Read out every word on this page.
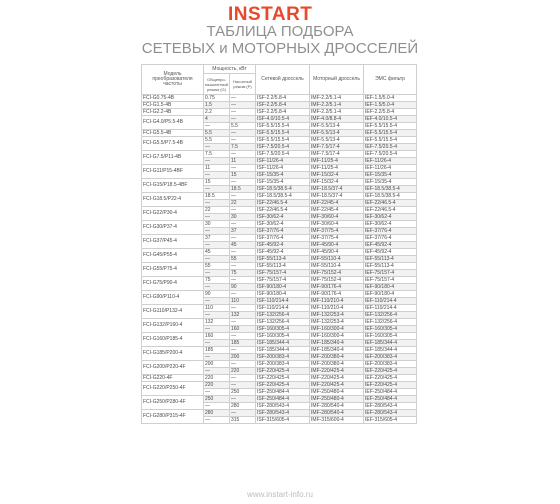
INSTART
ТАБЛИЦА ПОДБОРА
СЕТЕВЫХ и МОТОРНЫХ ДРОССЕЛЕЙ
Модель преобразователя частоты	Мощность, кВт		Сетевой дроссель	Моторный дроссель	ЭМС фильтр
	Общепро-мышленный режим (G)	Насосный режим (P)			
FCI-G0.75-4B	0.75	—	ISF-2.2/5.8-4	IMF-2.2/5.1-4	IEF-1.5/5.0-4
FCI-G1.5-4B	1.5	—	ISF-2.2/5.8-4	IMF-2.2/5.1-4	IEF-1.5/5.0-4
FCI-G2.2-4B	2.2	—	ISF-2.2/5.8-4	IMF-2.2/5.1-4	IEF-2.2/5.8-4
FCI-G4.0/P5.5-4B	4	—	ISF-4.0/10.5-4	IMF-4.0/8.8-4	IEF-4.0/10.5-4
	—	5.5	ISF-5.5/15.5-4	IMF-5.5/13-4	IEF-5.5/15.5-4
FCI-G5.5-4B	5.5	—	ISF-5.5/15.5-4	IMF-5.5/13-4	IEF-5.5/15.5-4
FCI-G5.5/P7.5-4B	5.5	—	ISF-5.5/15.5-4	IMF-5.5/13-4	IEF-5.5/15.5-4
	—	7.5	ISF-7.5/20.5-4	IMF-7.5/17-4	IEF-7.5/20.5-4
FCI-G7.5/P11-4B	7.5	—	ISF-7.5/20.5-4	IMF-7.5/17-4	IEF-7.5/20.5-4
	—	11	ISF-11/26-4	IMF-11/25-4	IEF-11/26-4
FCI-G11/P15-4BF	11	—	ISF-11/26-4	IMF-11/25-4	IEF-11/26-4
	—	15	ISF-15/35-4	IMF-15/32-4	IEF-15/35-4
FCI-G15/P18.5-4BF	15	—	ISF-15/35-4	IMF-15/32-4	IEF-15/35-4
	—	18.5	ISF-18.5/38.5-4	IMF-18.5/37-4	IEF-18.5/38.5-4
FCI-G18.5/P22-4	18.5	—	ISF-18.5/38.5-4	IMF-18.5/37-4	IEF-18.5/38.5-4
	—	22	ISF-22/46.5-4	IMF-22/45-4	IEF-22/46.5-4
FCI-G22/P30-4	22	—	ISF-22/46.5-4	IMF-22/45-4	IEF-22/46.5-4
	—	30	ISF-30/62-4	IMF-30/60-4	IEF-30/62-4
FCI-G30/P37-4	30	—	ISF-30/62-4	IMF-30/60-4	IEF-30/62-4
	—	37	ISF-37/76-4	IMF-37/75-4	IEF-37/76-4
FCI-G37/P45-4	37	—	ISF-37/76-4	IMF-37/75-4	IEF-37/76-4
	—	45	ISF-45/92-4	IMF-45/90-4	IEF-45/92-4
FCI-G45/P55-4	45	—	ISF-45/92-4	IMF-45/90-4	IEF-45/92-4
	—	55	ISF-55/113-4	IMF-55/110-4	IEF-55/113-4
FCI-G55/P75-4	55	—	ISF-55/113-4	IMF-55/110-4	IEF-55/113-4
	—	75	ISF-75/157-4	IMF-75/152-4	IEF-75/157-4
FCI-G75/P90-4	75	—	ISF-75/157-4	IMF-75/152-4	IEF-75/157-4
	—	90	ISF-90/180-4	IMF-90/176-4	IEF-90/180-4
FCI-G90/P110-4	90	—	ISF-90/180-4	IMF-90/176-4	IEF-90/180-4
	—	110	ISF-110/214-4	IMF-110/210-4	IEF-110/214-4
FCI-G110/P132-4	110	—	ISF-110/214-4	IMF-110/210-4	IEF-110/214-4
	—	132	ISF-132/256-4	IMF-132/253-4	IEF-132/256-4
FCI-G132/P160-4	132	—	ISF-132/256-4	IMF-132/253-4	IEF-132/256-4
	—	160	ISF-160/305-4	IMF-160/300-4	IEF-160/305-4
FCI-G160/P185-4	160	—	ISF-160/305-4	IMF-160/300-4	IEF-160/305-4
	—	185	ISF-185/344-4	IMF-185/340-4	IEF-185/344-4
FCI-G185/P200-4	185	—	ISF-185/344-4	IMF-185/340-4	IEF-185/344-4
	—	200	ISF-200/383-4	IMF-200/380-4	IEF-200/383-4
FCI-G200/P220-4F	200	—	ISF-200/383-4	IMF-200/380-4	IEF-200/383-4
	—	220	ISF-220/425-4	IMF-220/425-4	IEF-220/425-4
FCI-G220-4F	220	—	ISF-220/425-4	IMF-220/425-4	IEF-220/425-4
FCI-G220/P250-4F	220	—	ISF-220/425-4	IMF-220/425-4	IEF-220/425-4
	—	250	ISF-250/484-4	IMF-250/480-4	IEF-250/484-4
FCI-G250/P280-4F	250	—	ISF-250/484-4	IMF-250/480-4	IEF-250/484-4
	—	280	ISF-280/543-4	IMF-280/540-4	IEF-280/543-4
FCI-G280/P315-4F	280	—	ISF-280/543-4	IMF-280/540-4	IEF-280/543-4
	—	315	ISF-315/605-4	IMF-315/600-4	IEF-315/605-4
www.instart-info.ru
